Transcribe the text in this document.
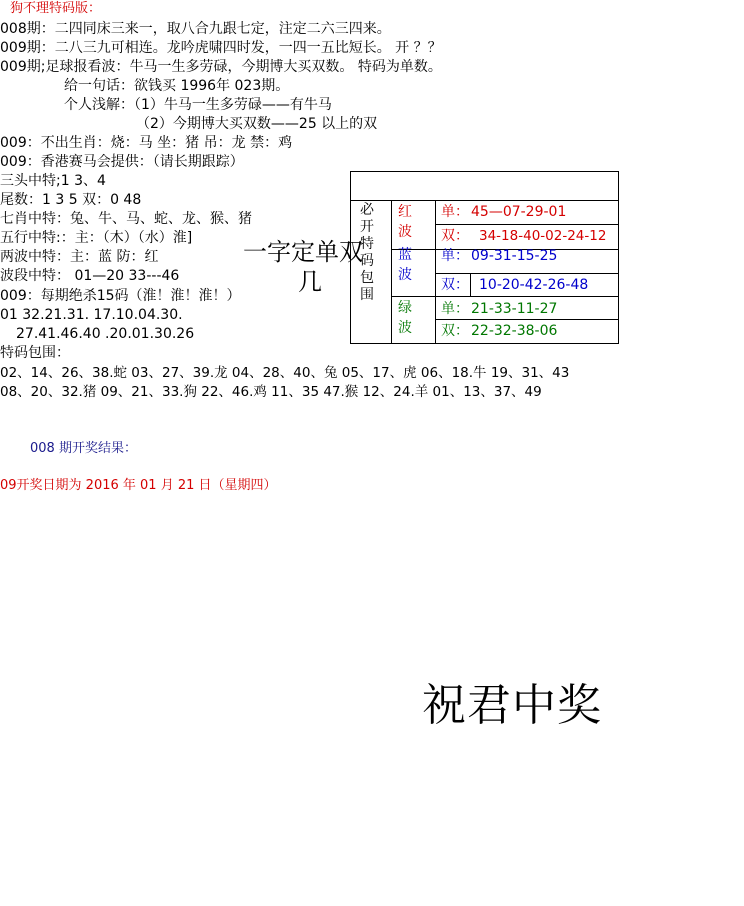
狗不理特码版：
008期：二四同床三来一，取八合九跟七定，注定二六三四来。
009期：二八三九可相连。龙吟虎啸四时发，一四一五比短长。 开 ？？
009期;足球报看波：牛马一生多劳碌，今期博大买双数。 特码为单数。
给一句话：欲钱买 1996年 023期。
个人浅解：（1）牛马一生多劳碌——有牛马
（2）今期博大买双数——25 以上的双
009：不出生肖：烧：马 坐：猪 吊：龙 禁：鸡
009：香港赛马会提供：（请长期跟踪）
三头中特;1 3、4
尾数：1 3 5 双：0 48
七肖中特：兔、牛、马、蛇、龙、猴、猪
五行中特:：主：（木）（水）淮]
两波中特：主：蓝 防：红
波段中特： 01—20 33---46
009：每期绝杀15码（淮！淮！淮！）
01 32.21.31. 17.10.04.30.
27.41.46.40 .20.01.30.26
特码包围：
02、14、26、38.蛇 03、27、39.龙 04、28、40、兔 05、17、虎 06、18.牛 19、31、43
08、20、32.猪 09、21、33.狗 22、46.鸡 11、35 47.猴 12、24.羊 01、13、37、49
008 期开奖结果：
09开奖日期为 2016 年 01 月 21 日（星期四）
一字定单双
几
祝君中奖
必
开
特
码
包
围
红
波
蓝
波
绿
波
单： 45—07-29-01
双： 34-18-40-02-24-12
单： 09-31-15-25
双： 10-20-42-26-48
单： 21-33-11-27
双： 22-32-38-06
